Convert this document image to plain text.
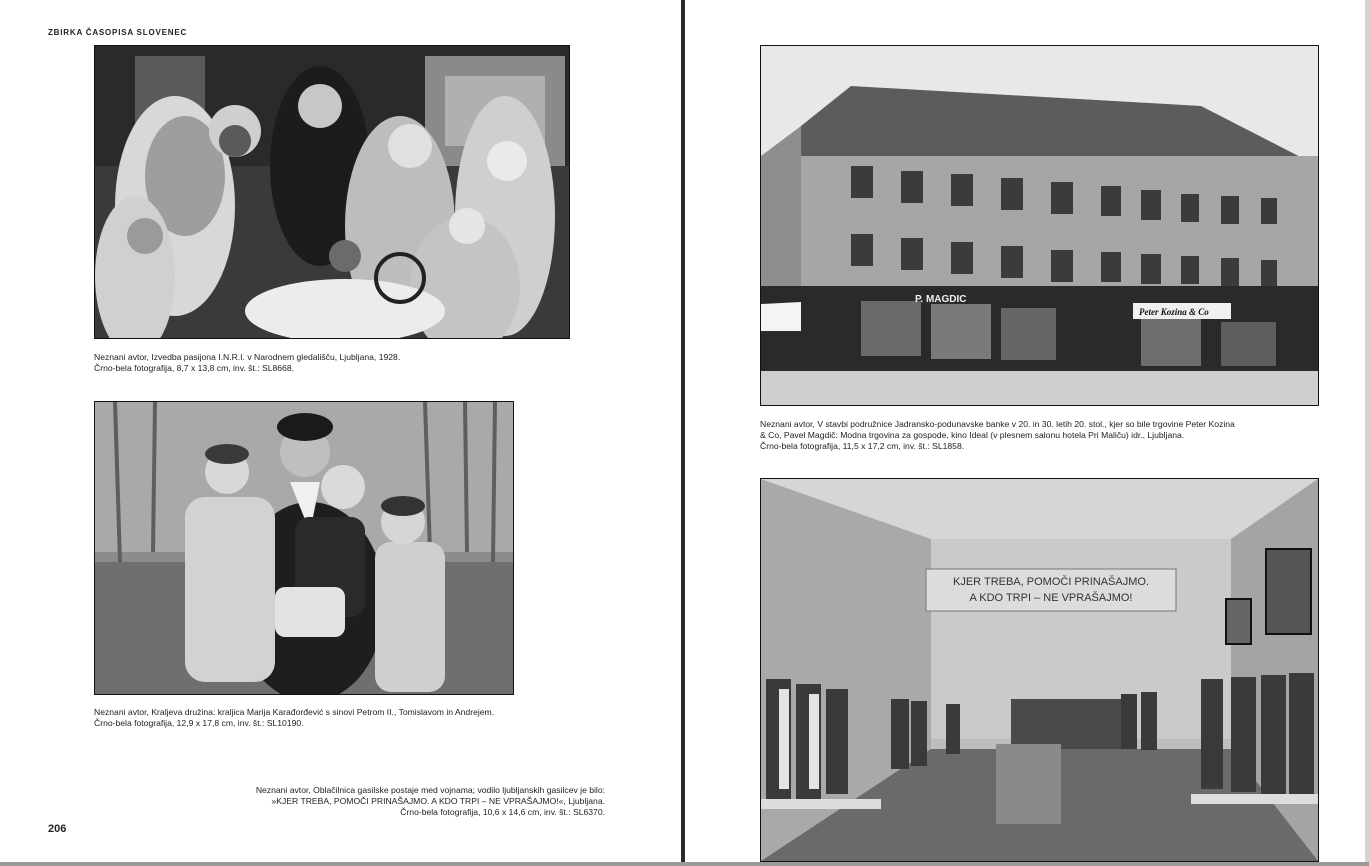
ZBIRKA ČASOPISA SLOVENEC
Neznani avtor, Izvedba pasijona I.N.R.I. v Narodnem gledališču, Ljubljana, 1928.
Črno-bela fotografija, 8,7 x 13,8 cm, inv. št.: SL8668.
Neznani avtor, Kraljeva družina: kraljica Marija Karađorđević s sinovi Petrom II., Tomislavom in Andrejem.
Črno-bela fotografija, 12,9 x 17,8 cm, inv. št.: SL10190.
Neznani avtor, Oblačilnica gasilske postaje med vojnama; vodilo ljubljanskih gasilcev je bilo:
»KJER TREBA, POMOČI PRINAŠAJMO. A KDO TRPI – NE VPRAŠAJMO!«, Ljubljana.
Črno-bela fotografija, 10,6 x 14,6 cm, inv. št.: SL6370.
206
P. MAGDIC
Peter Kozina & Co
Neznani avtor, V stavbi podružnice Jadransko-podunavske banke v 20. in 30. letih 20. stol., kjer so bile trgovine Peter Kozina
& Co, Pavel Magdič: Modna trgovina za gospode, kino Ideal (v plesnem salonu hotela Pri Maliču) idr., Ljubljana.
Črno-bela fotografija, 11,5 x 17,2 cm, inv. št.: SL1858.
KJER TREBA, POMOČI PRINAŠAJMO.
A KDO TRPI – NE VPRAŠAJMO!
